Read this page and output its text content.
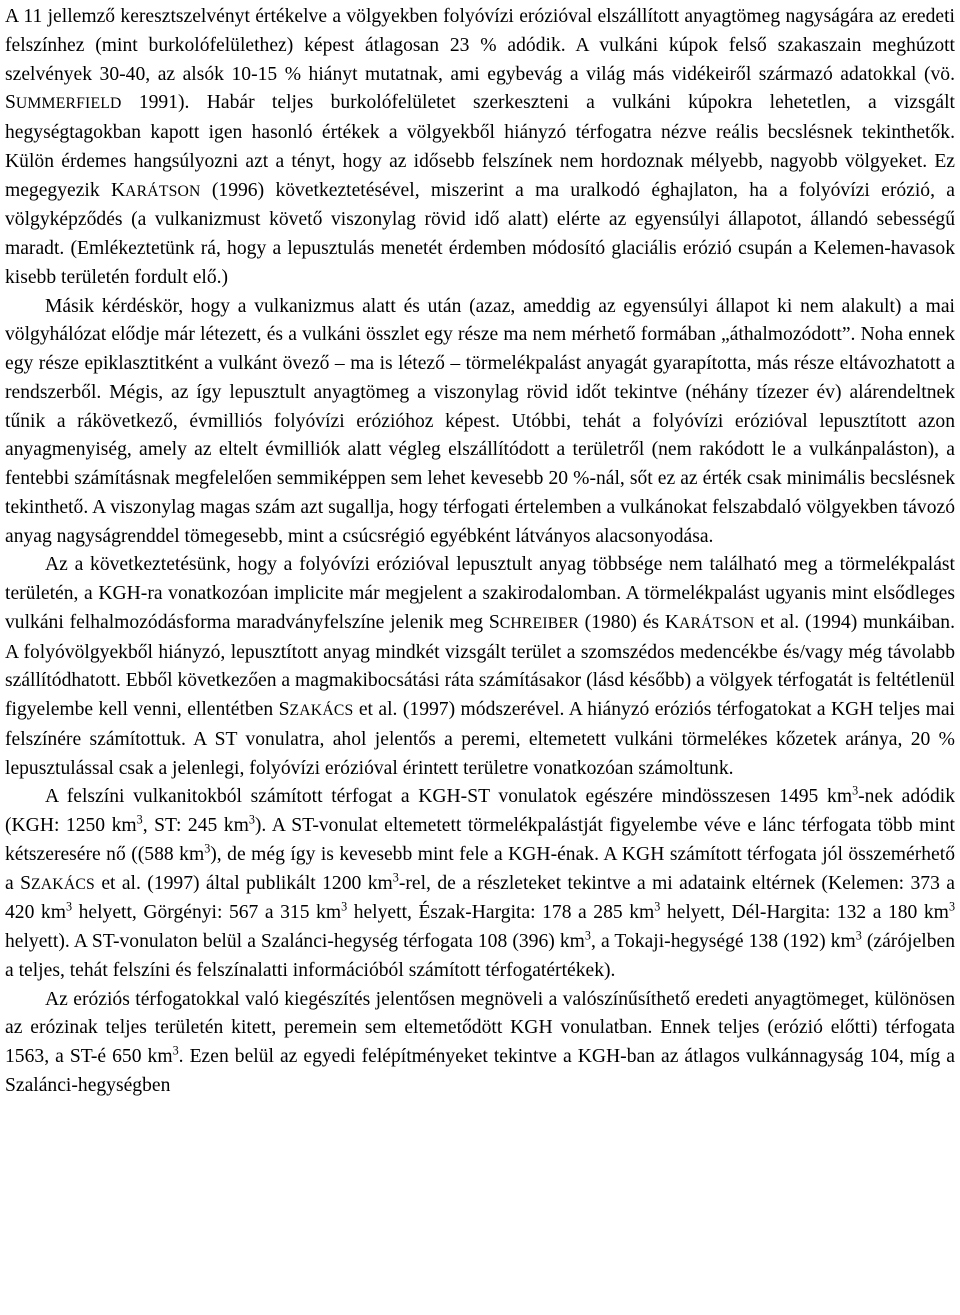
A 11 jellemző keresztszelvényt értékelve a völgyekben folyóvízi erózióval elszállított anyagtömeg nagyságára az eredeti felszínhez (mint burkolófelülethez) képest átlagosan 23 % adódik. A vulkáni kúpok felső szakaszain meghúzott szelvények 30-40, az alsók 10-15 % hiányt mutatnak, ami egybevág a világ más vidékeiről származó adatokkal (vö. SUMMERFIELD 1991). Habár teljes burkolófelületet szerkeszteni a vulkáni kúpokra lehetetlen, a vizsgált hegységtagokban kapott igen hasonló értékek a völgyekből hiányzó térfogatra nézve reális becslésnek tekinthetők. Külön érdemes hangsúlyozni azt a tényt, hogy az idősebb felszínek nem hordoznak mélyebb, nagyobb völgyeket. Ez megegyezik KARÁTSON (1996) következtetésével, miszerint a ma uralkodó éghajlaton, ha a folyóvízi erózió, a völgyképződés (a vulkanizmust követő viszonylag rövid idő alatt) elérte az egyensúlyi állapotot, állandó sebességű maradt. (Emlékeztetünk rá, hogy a lepusztulás menetét érdemben módosító glaciális erózió csupán a Kelemen-havasok kisebb területén fordult elő.)

Másik kérdéskör, hogy a vulkanizmus alatt és után (azaz, ameddig az egyensúlyi állapot ki nem alakult) a mai völgyhálózat elődje már létezett, és a vulkáni összlet egy része ma nem mérhető formában „áthalmozódott”. Noha ennek egy része epiklasztitként a vulkánt övező – ma is létező – törmelékpalást anyagát gyarapította, más része eltávozhatott a rendszerből. Mégis, az így lepusztult anyagtömeg a viszonylag rövid időt tekintve (néhány tízezer év) alárendeltnek tűnik a rákövetkező, évmilliós folyóvízi erózióhoz képest. Utóbbi, tehát a folyóvízi erózióval lepusztított azon anyagmenyiség, amely az eltelt évmilliók alatt végleg elszállítódott a területről (nem rakódott le a vulkánpaláston), a fentebbi számításnak megfelelően semmiképpen sem lehet kevesebb 20 %-nál, sőt ez az érték csak minimális becslésnek tekinthető. A viszonylag magas szám azt sugallja, hogy térfogati értelemben a vulkánokat felszabdaló völgyekben távozó anyag nagyságrenddel tömegesebb, mint a csúcsrégió egyébként látványos alacsonyodása.

Az a következtetésünk, hogy a folyóvízi erózióval lepusztult anyag többsége nem található meg a törmelékpalást területén, a KGH-ra vonatkozóan implicite már megjelent a szakirodalomban. A törmelékpalást ugyanis mint elsődleges vulkáni felhalmozódásforma maradványfelszíne jelenik meg SCHREIBER (1980) és KARÁTSON et al. (1994) munkáiban. A folyóvölgyekből hiányzó, lepusztított anyag mindkét vizsgált terület a szomszédos medencékbe és/vagy még távolabb szállítódhatott. Ebből következően a magmakibocsátási ráta számításakor (lásd később) a völgyek térfogatát is feltétlenül figyelembe kell venni, ellentétben SZAKÁCS et al. (1997) módszerével. A hiányzó eróziós térfogatokat a KGH teljes mai felszínére számítottuk. A ST vonulatra, ahol jelentős a peremi, eltemetett vulkáni törmelékes kőzetek aránya, 20 % lepusztulással csak a jelenlegi, folyóvízi erózióval érintett területre vonatkozóan számoltunk.

A felszíni vulkanitokból számított térfogat a KGH-ST vonulatok egészére mindösszesen 1495 $km^3$-nek adódik (KGH: 1250 $km^3$, ST: 245 $km^3$). A ST-vonulat eltemetett törmelékpalástját figyelembe véve e lánc térfogata több mint kétszeresére nő ((588 $km^3$), de még így is kevesebb mint fele a KGH-énak. A KGH számított térfogata jól összemérhető a SZAKÁCS et al. (1997) által publikált 1200 $km^3$-rel, de a részleteket tekintve a mi adataink eltérnek (Kelemen: 373 a 420 $km^3$ helyett, Görgényi: 567 a 315 $km^3$ helyett, Észak-Hargita: 178 a 285 $km^3$ helyett, Dél-Hargita: 132 a 180 $km^3$ helyett). A ST-vonulaton belül a Szalánci-hegység térfogata 108 (396) $km^3$, a Tokaji-hegységé 138 (192) $km^3$ (zárójelben a teljes, tehát felszíni és felszínalatti információból számított térfogatértékek).

Az eróziós térfogatokkal való kiegészítés jelentősen megnöveli a valószínűsíthető eredeti anyagtömeget, különösen az erózinak teljes területén kitett, peremein sem eltemetődött KGH vonulatban. Ennek teljes (erózió előtti) térfogata 1563, a ST-é 650 $km^3$. Ezen belül az egyedi felépítményeket tekintve a KGH-ban az átlagos vulkánnagyság 104, míg a Szalánci-hegységben
